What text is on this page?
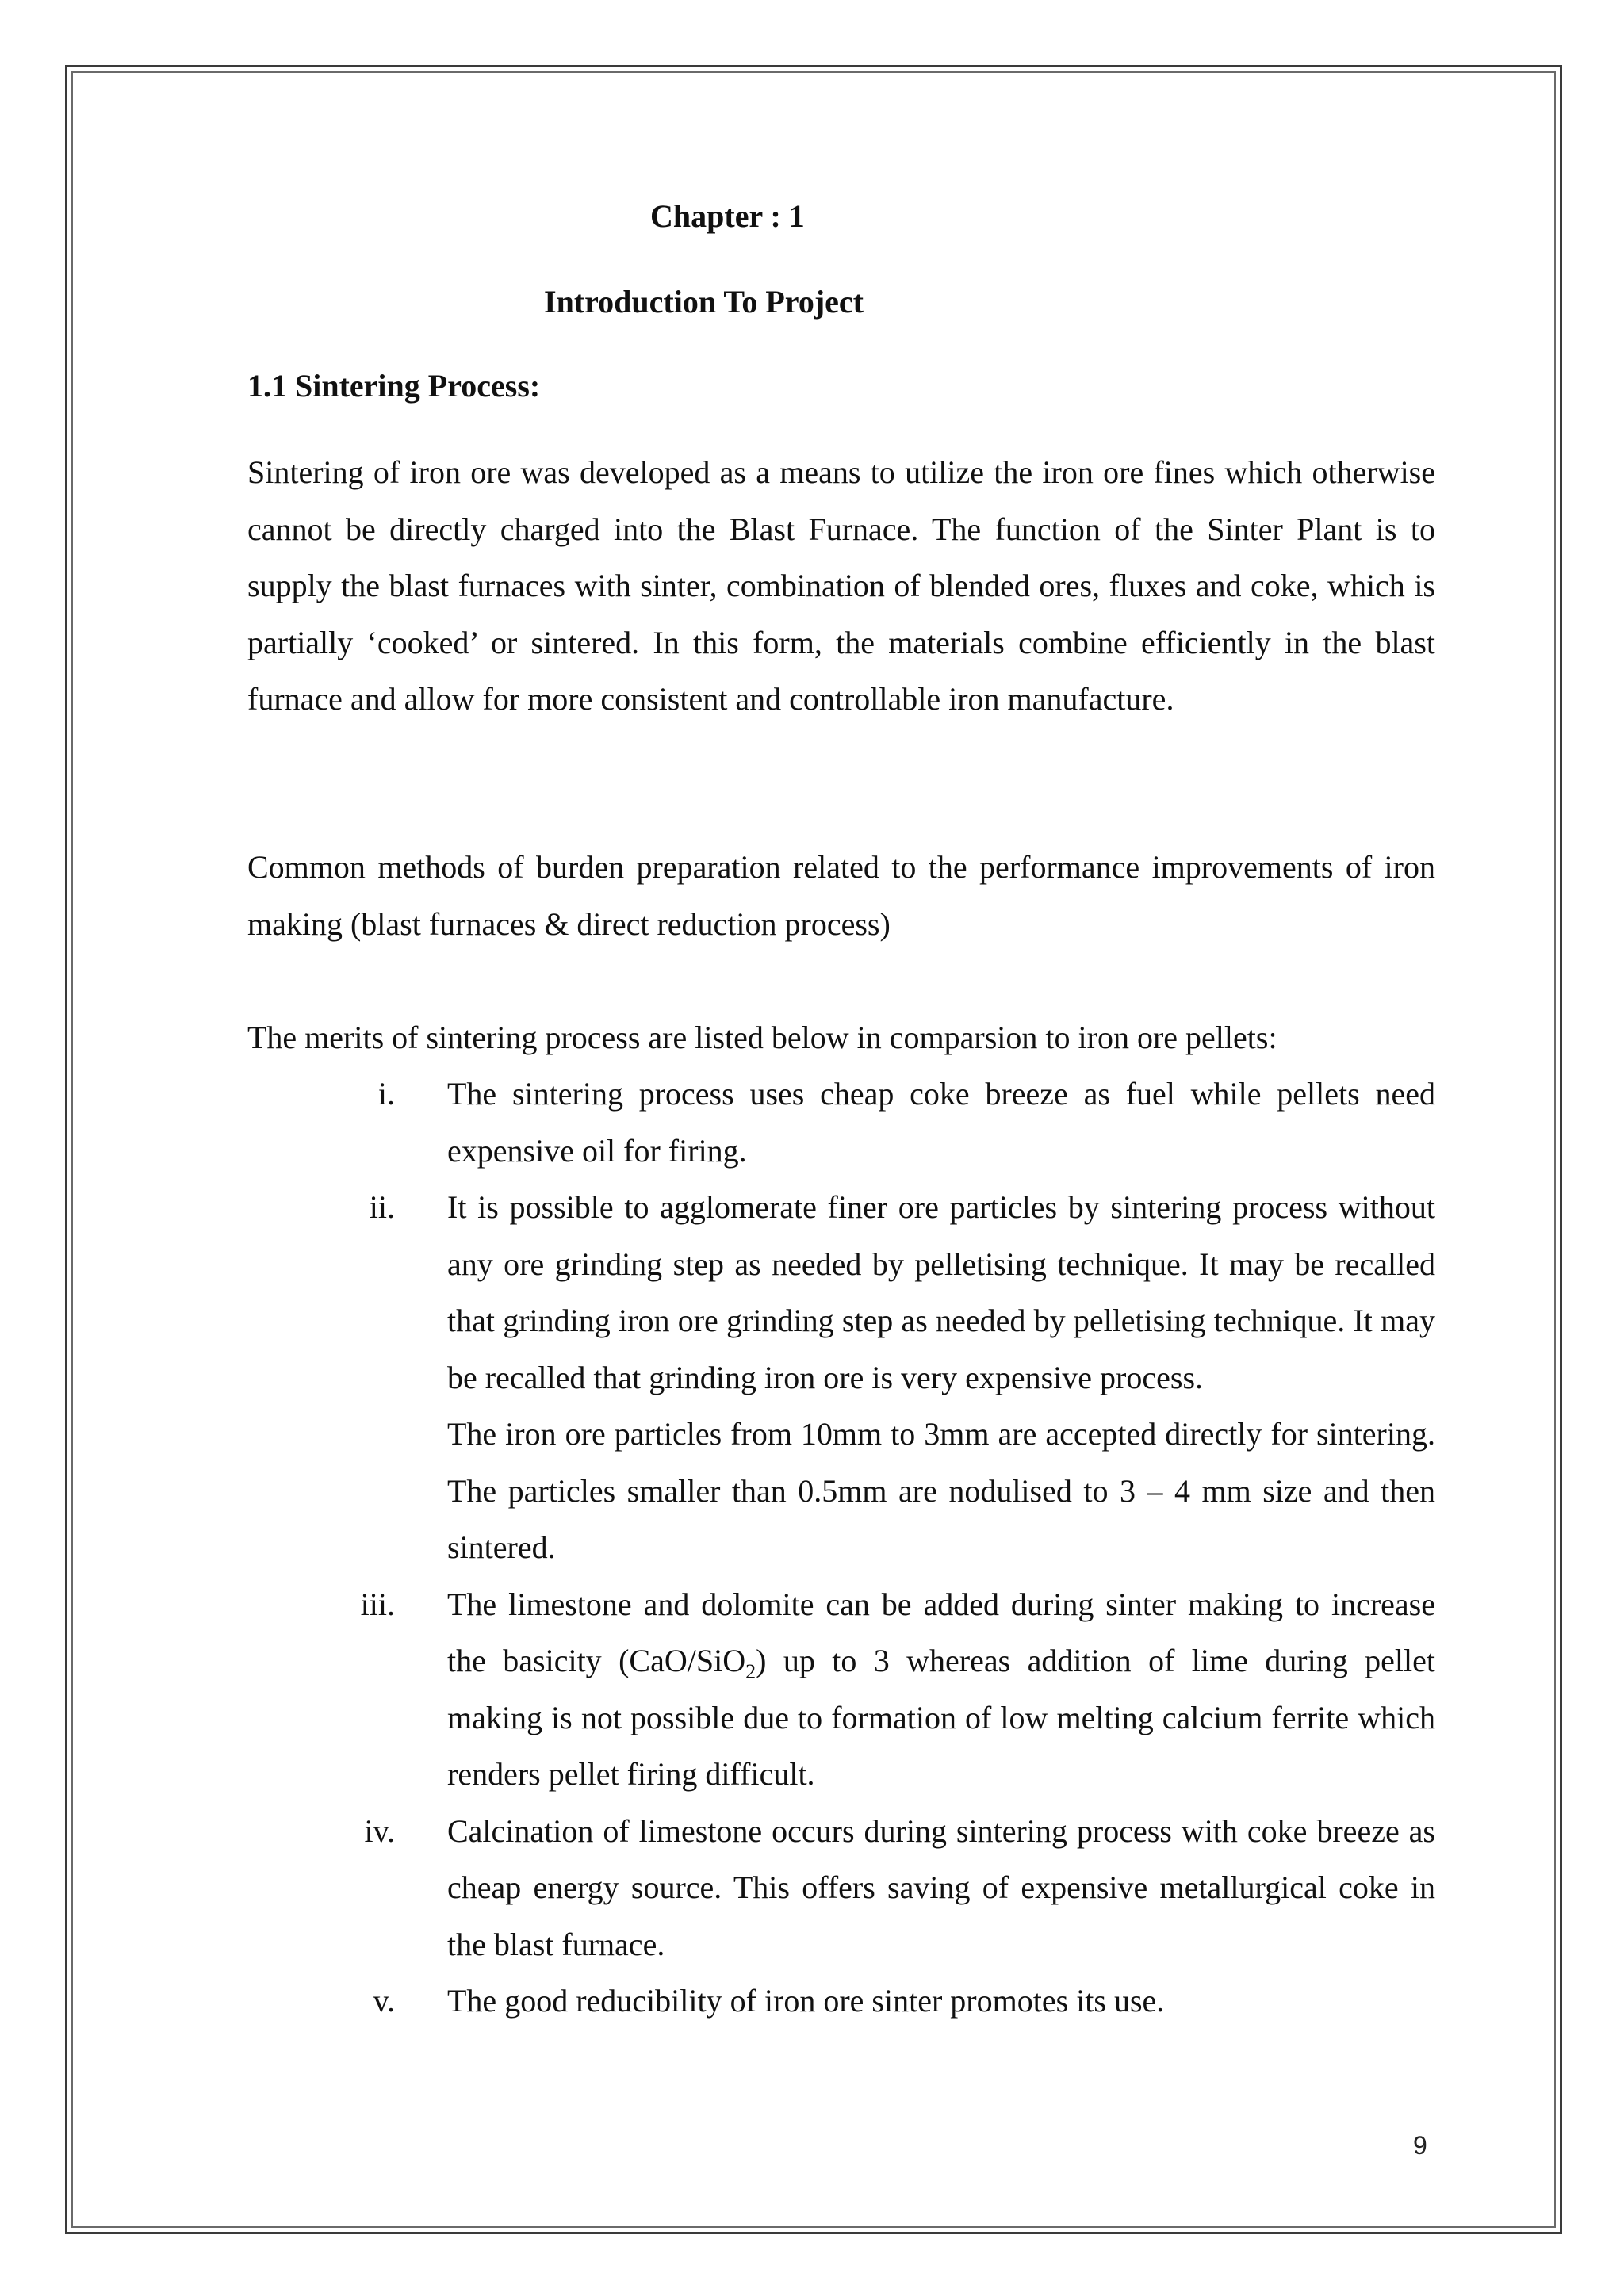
Chapter : 1
Introduction To Project
1.1 Sintering Process:

Sintering of iron ore was developed as a means to utilize the iron ore fines which otherwise cannot be directly charged into the Blast Furnace. The function of the Sinter Plant is to supply the blast furnaces with sinter, combination of blended ores, fluxes and coke, which is partially ‘cooked’ or sintered. In this form, the materials combine efficiently in the blast furnace and allow for more consistent and controllable iron manufacture.

Common methods of burden preparation related to the performance improvements of iron making (blast furnaces & direct reduction process)

The merits of sintering process are listed below in comparsion to iron ore pellets:

i. The sintering process uses cheap coke breeze as fuel while pellets need expensive oil for firing.

ii. It is possible to agglomerate finer ore particles by sintering process without any ore grinding step as needed by pelletising technique. It may be recalled that grinding iron ore grinding step as needed by pelletising technique. It may be recalled that grinding iron ore is very expensive process.

The iron ore particles from 10mm to 3mm are accepted directly for sintering. The particles smaller than 0.5mm are nodulised to 3 – 4 mm size and then sintered.

iii. The limestone and dolomite can be added during sinter making to increase the basicity (CaO/SiO$_2$) up to 3 whereas addition of lime during pellet making is not possible due to formation of low melting calcium ferrite which renders pellet firing difficult.

iv. Calcination of limestone occurs during sintering process with coke breeze as cheap energy source. This offers saving of expensive metallurgical coke in the blast furnace.

v. The good reducibility of iron ore sinter promotes its use.

9
